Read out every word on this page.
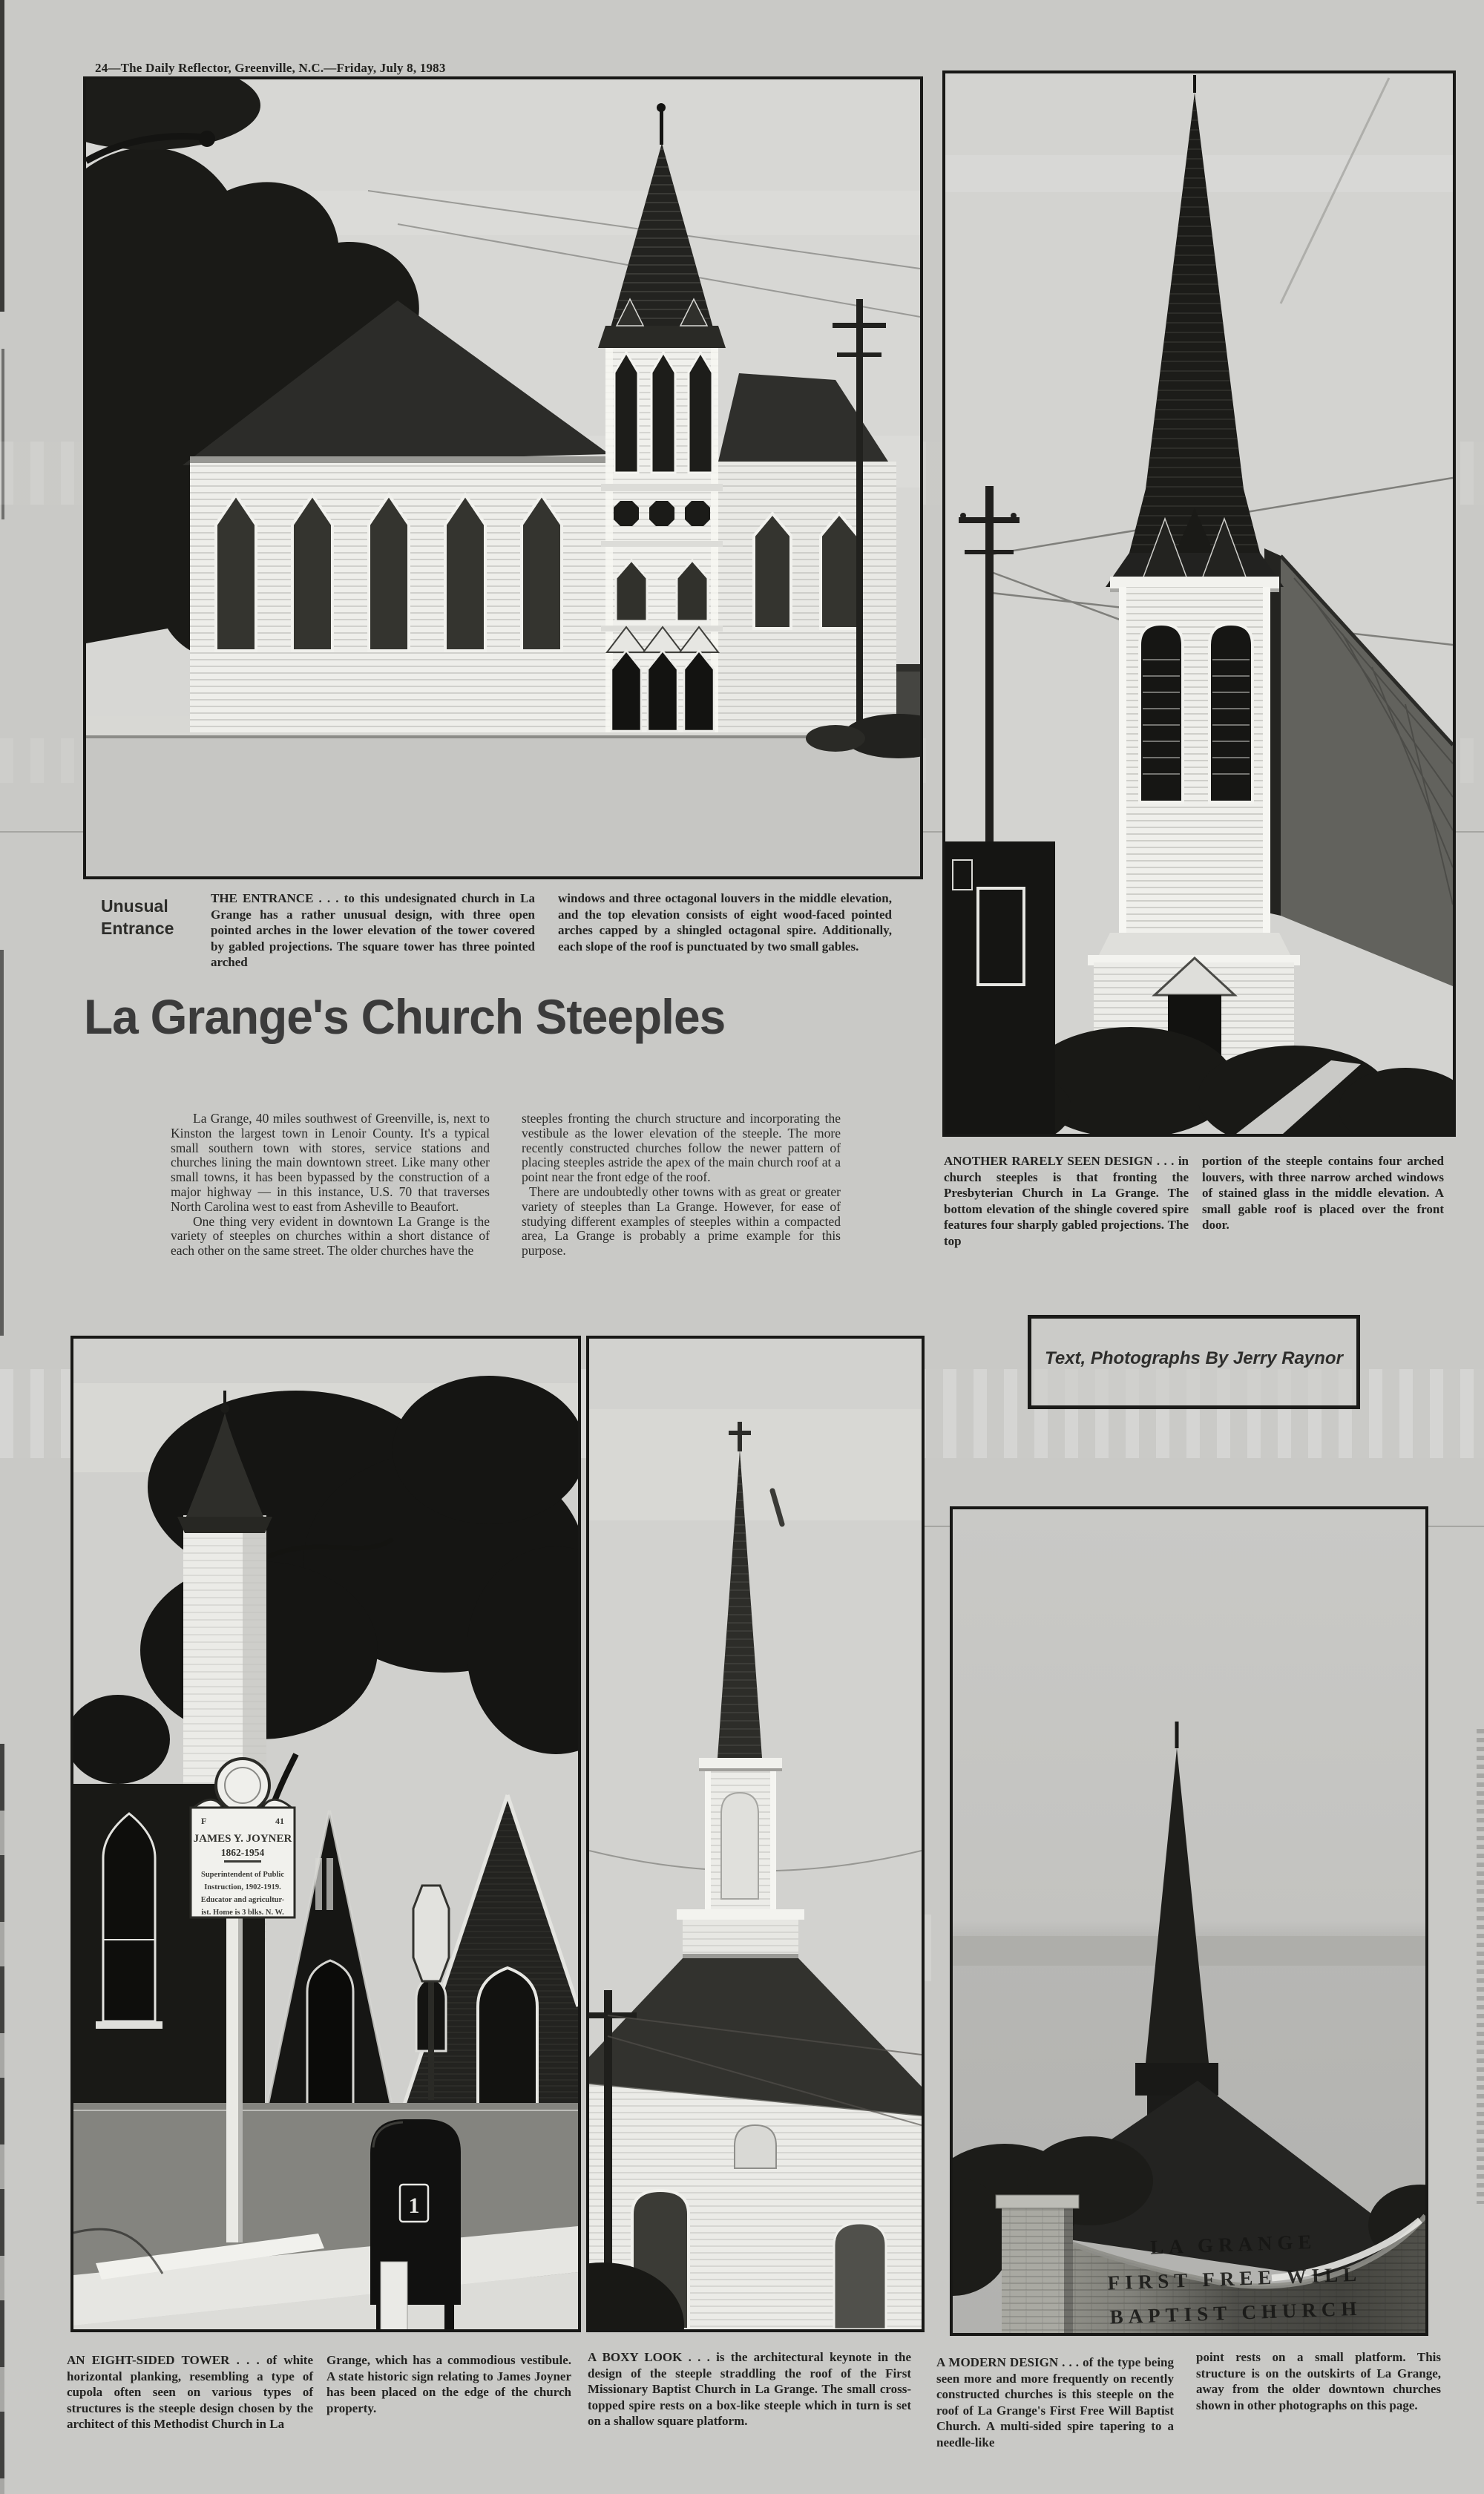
24—The Daily Reflector, Greenville, N.C.—Friday, July 8, 1983
Unusual
Entrance
THE ENTRANCE . . . to this undesignated church in La Grange has a rather unusual design, with three open pointed arches in the lower elevation of the tower covered by gabled projections. The square tower has three pointed arched
windows and three octagonal louvers in the middle elevation, and the top elevation consists of eight wood-faced pointed arches capped by a shingled octagonal spire. Additionally, each slope of the roof is punctuated by two small gables.
La Grange's Church Steeples

La Grange, 40 miles southwest of Greenville, is, next to Kinston the largest town in Lenoir County. It's a typical small southern town with stores, service stations and churches lining the main downtown street. Like many other small towns, it has been bypassed by the construction of a major highway — in this instance, U.S. 70 that traverses North Carolina west to east from Asheville to Beaufort.

One thing very evident in downtown La Grange is the variety of steeples on churches within a short distance of each other on the same street. The older churches have the

steeples fronting the church structure and incorporating the vestibule as the lower elevation of the steeple. The more recently constructed churches follow the newer pattern of placing steeples astride the apex of the main church roof at a point near the front edge of the roof.

There are undoubtedly other towns with as great or greater variety of steeples than La Grange. However, for ease of studying different examples of steeples within a compacted area, La Grange is probably a prime example for this purpose.

ANOTHER RARELY SEEN DESIGN . . . in church steeples is that fronting the Presbyterian Church in La Grange. The bottom elevation of the shingle covered spire features four sharply gabled projections. The top
portion of the steeple contains four arched louvers, with three narrow arched windows of stained glass in the middle elevation. A small gable roof is placed over the front door.
Text, Photographs By Jerry Raynor
F	41
JAMES Y. JOYNER
1862-1954
Superintendent of Public
Instruction, 1902-1919.
Educator and agricultur-
ist. Home is 3 blks. N. W.
1
LA GRANGE
FIRST FREE WILL
BAPTIST CHURCH
AN EIGHT-SIDED TOWER . . . of white horizontal planking, resembling a type of cupola often seen on various types of structures is the steeple design chosen by the architect of this Methodist Church in La
Grange, which has a commodious vestibule. A state historic sign relating to James Joyner has been placed on the edge of the church property.
A BOXY LOOK . . . is the architectural keynote in the design of the steeple straddling the roof of the First Missionary Baptist Church in La Grange. The small cross-topped spire rests on a box-like steeple which in turn is set on a shallow square platform.
A MODERN DESIGN . . . of the type being seen more and more frequently on recently constructed churches is this steeple on the roof of La Grange's First Free Will Baptist Church. A multi-sided spire tapering to a needle-like
point rests on a small platform. This structure is on the outskirts of La Grange, away from the older downtown churches shown in other photographs on this page.
